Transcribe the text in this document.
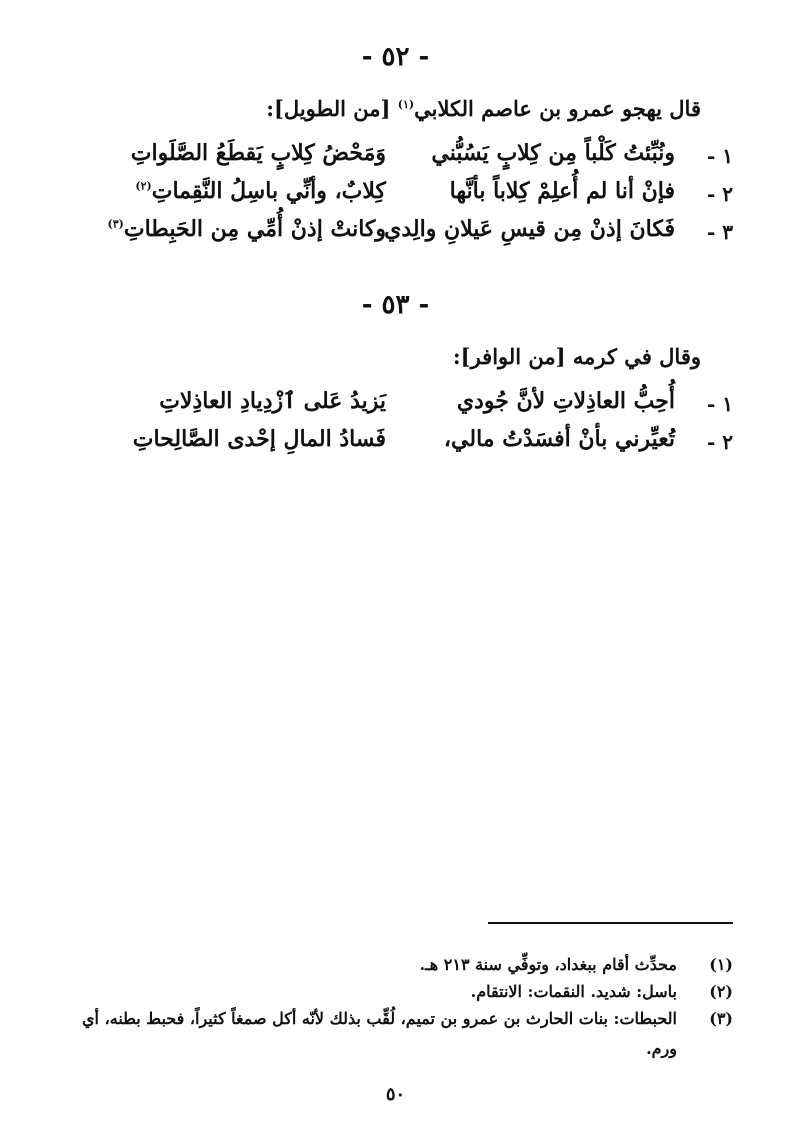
- ٥٢ -
قال يهجو عمرو بن عاصم الكلابي$^{(١)}$ [من الطويل]:
١ -
ونُبِّئتُ كَلْباً مِن كِلابٍ يَسُبُّني
وَمَحْضُ كِلابٍ يَقطَعُ الصَّلَواتِ
٢ -
فإنْ أنا لم أُعلِمْ كِلاباً بأنَّها
كِلابٌ، وأنِّي باسِلُ النَّقِماتِ$^{(٢)}$
٣ -
فَكانَ إذنْ مِن قيسِ عَيلانِ والِدي
وكانتْ إذنْ أُمِّي مِن الحَبِطاتِ$^{(٣)}$
- ٥٣ -
وقال في كرمه [من الوافر]:
١ -
أُحِبُّ العاذِلاتِ لأنَّ جُودي
يَزيدُ عَلى ٱزْدِيادِ العاذِلاتِ
٢ -
تُعيِّرني بأنْ أفسَدْتُ مالي،
فَسادُ المالِ إحْدى الصَّالِحاتِ
(١)
محدِّث أقام ببغداد، وتوفِّي سنة ٢١٣ هـ.
(٢)
باسل: شديد. النقمات: الانتقام.
(٣)
الحبطات: بنات الحارث بن عمرو بن تميم، لُقِّب بذلك لأنّه أكل صمغاً كثيراً، فحبط بطنه، أي ورم.
٥٠
